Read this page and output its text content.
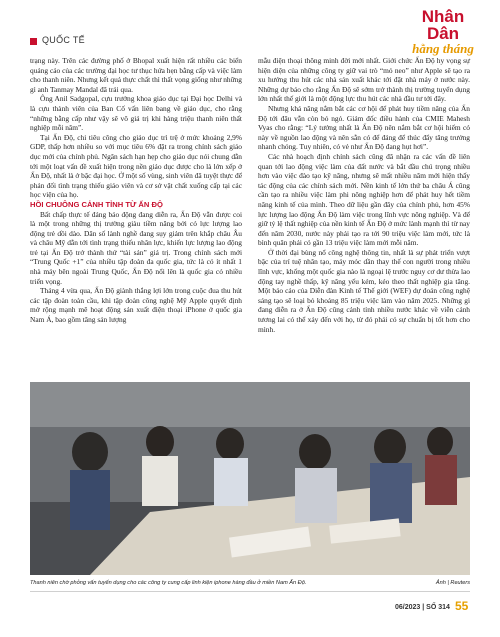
QUỐC TẾ
Nhân Dân
hằng tháng

trạng này. Trên các đường phố ở Bhopal xuất hiện rất nhiều các biển quảng cáo của các trường đại học tư thục hứa hẹn bằng cấp và việc làm cho thanh niên. Nhưng kết quả thực chất thì thất vọng giống như những gì anh Tanmay Mandal đã trải qua.

Ông Anil Sadgopal, cựu trưởng khoa giáo dục tại Đại học Delhi và là cựu thành viên của Ban Cố vấn liên bang về giáo dục, cho rằng “những bằng cấp như vậy sẽ vô giá trị khi hàng triệu thanh niên thất nghiệp mỗi năm”.

Tại Ấn Độ, chi tiêu công cho giáo dục trì trệ ở mức khoảng 2,9% GDP, thấp hơn nhiều so với mục tiêu 6% đặt ra trong chính sách giáo dục mới của chính phủ. Ngân sách hạn hẹp cho giáo dục nói chung dẫn tới một loạt vấn đề xuất hiện trong nền giáo dục được cho là lớn xếp ở Ấn Độ, nhất là ở bậc đại học. Ở một số vùng, sinh viên đã tuyệt thực để phản đối tình trạng thiếu giáo viên và cơ sở vật chất xuống cấp tại các học viện của họ.

HỒI CHUÔNG CẢNH TỈNH TỪ ẤN ĐỘ

Bất chấp thực tế đáng báo động đang diễn ra, Ấn Độ vẫn được coi là một trong những thị trường giàu tiềm năng bởi có lực lượng lao động trẻ dồi dào. Dân số lành nghề đang sụy giảm trên khắp châu Âu và châu Mỹ dẫn tới tình trạng thiếu nhân lực, khiến lực lượng lao động trẻ tại Ấn Độ trở thành thứ “tài sản” giá trị. Trong chính sách mới “Trung Quốc +1” của nhiều tập đoàn đa quốc gia, tức là có ít nhất 1 nhà máy bên ngoài Trung Quốc, Ấn Độ nổi lên là quốc gia có nhiều triển vọng.

Tháng 4 vừa qua, Ấn Độ giành thắng lợi lớn trong cuộc đua thu hút các tập đoàn toàn cầu, khi tập đoàn công nghệ Mỹ Apple quyết định mở rộng mạnh mẽ hoạt động sản xuất điện thoại iPhone ở quốc gia Nam Á, bao gồm tăng sản lượng

mẫu điện thoại thông minh đời mới nhất. Giới chức Ấn Độ hy vọng sự hiện diện của những công ty giữ vai trò “mỏ neo” như Apple sẽ tạo ra xu hướng thu hút các nhà sản xuất khác tới đặt nhà máy ở nước này. Những dự báo cho rằng Ấn Độ sẽ sớm trở thành thị trường tuyển dụng lớn nhất thế giới là một động lực thu hút các nhà đầu tư tới đây.

Nhưng khả năng nắm bắt các cơ hội để phát huy tiềm năng của Ấn Độ tới đâu vẫn còn bỏ ngỏ. Giám đốc điều hành của CMIE Mahesh Vyas cho rằng: “Lý tưởng nhất là Ấn Độ nên nắm bắt cơ hội hiếm có này về nguồn lao động và nên sẵn có để đáng để thúc đẩy tăng trưởng nhanh chóng. Tuy nhiên, có vẻ như Ấn Độ đang hụt hơi”.

Các nhà hoạch định chính sách cũng đã nhận ra các vấn đề liên quan tới lao động việc làm của đất nước và bắt đầu chú trọng nhiều hơn vào việc đào tạo kỹ năng, nhưng sẽ mất nhiều năm mới hiện thấy tác động của các chính sách mới. Nền kinh tế lớn thứ ba châu Á cũng cần tạo ra nhiều việc làm phi nông nghiệp hơn để phát huy hết tiềm năng kinh tế của mình. Theo dữ liệu gần đây của chính phủ, hơn 45% lực lượng lao động Ấn Độ làm việc trong lĩnh vực nông nghiệp. Và để giữ tỷ lệ thất nghiệp của nền kinh tế Ấn Độ ở mức lành mạnh thì từ nay đến năm 2030, nước này phải tạo ra tới 90 triệu việc làm mới, tức là bình quân phải có gần 13 triệu việc làm mới mỗi năm.

Ở thời đại bùng nổ công nghệ thông tin, nhất là sự phát triển vượt bậc của trí tuệ nhân tạo, máy móc dần thay thế con người trong nhiều lĩnh vực, khống một quốc gia nào là ngoại lệ trước nguy cơ dư thừa lao động tay nghề thấp, kỹ năng yếu kém, kéo theo thất nghiệp gia tăng. Một báo cáo của Diễn đàn Kinh tế Thế giới (WEF) dự đoán công nghệ sáng tạo sẽ loại bỏ khoảng 85 triệu việc làm vào năm 2025. Những gì đang diễn ra ở Ấn Độ cũng cảnh tỉnh nhiều nước khác về viễn cảnh tương lai có thể xảy đến với họ, từ đó phải có sự chuẩn bị tốt hơn cho mình.

Thanh niên chờ phỏng vấn tuyển dụng cho các công ty cung cấp linh kiện iphone hàng đầu ở miền Nam Ấn Độ.	Ảnh | Reuters
06/2023 | SỐ 314 55
